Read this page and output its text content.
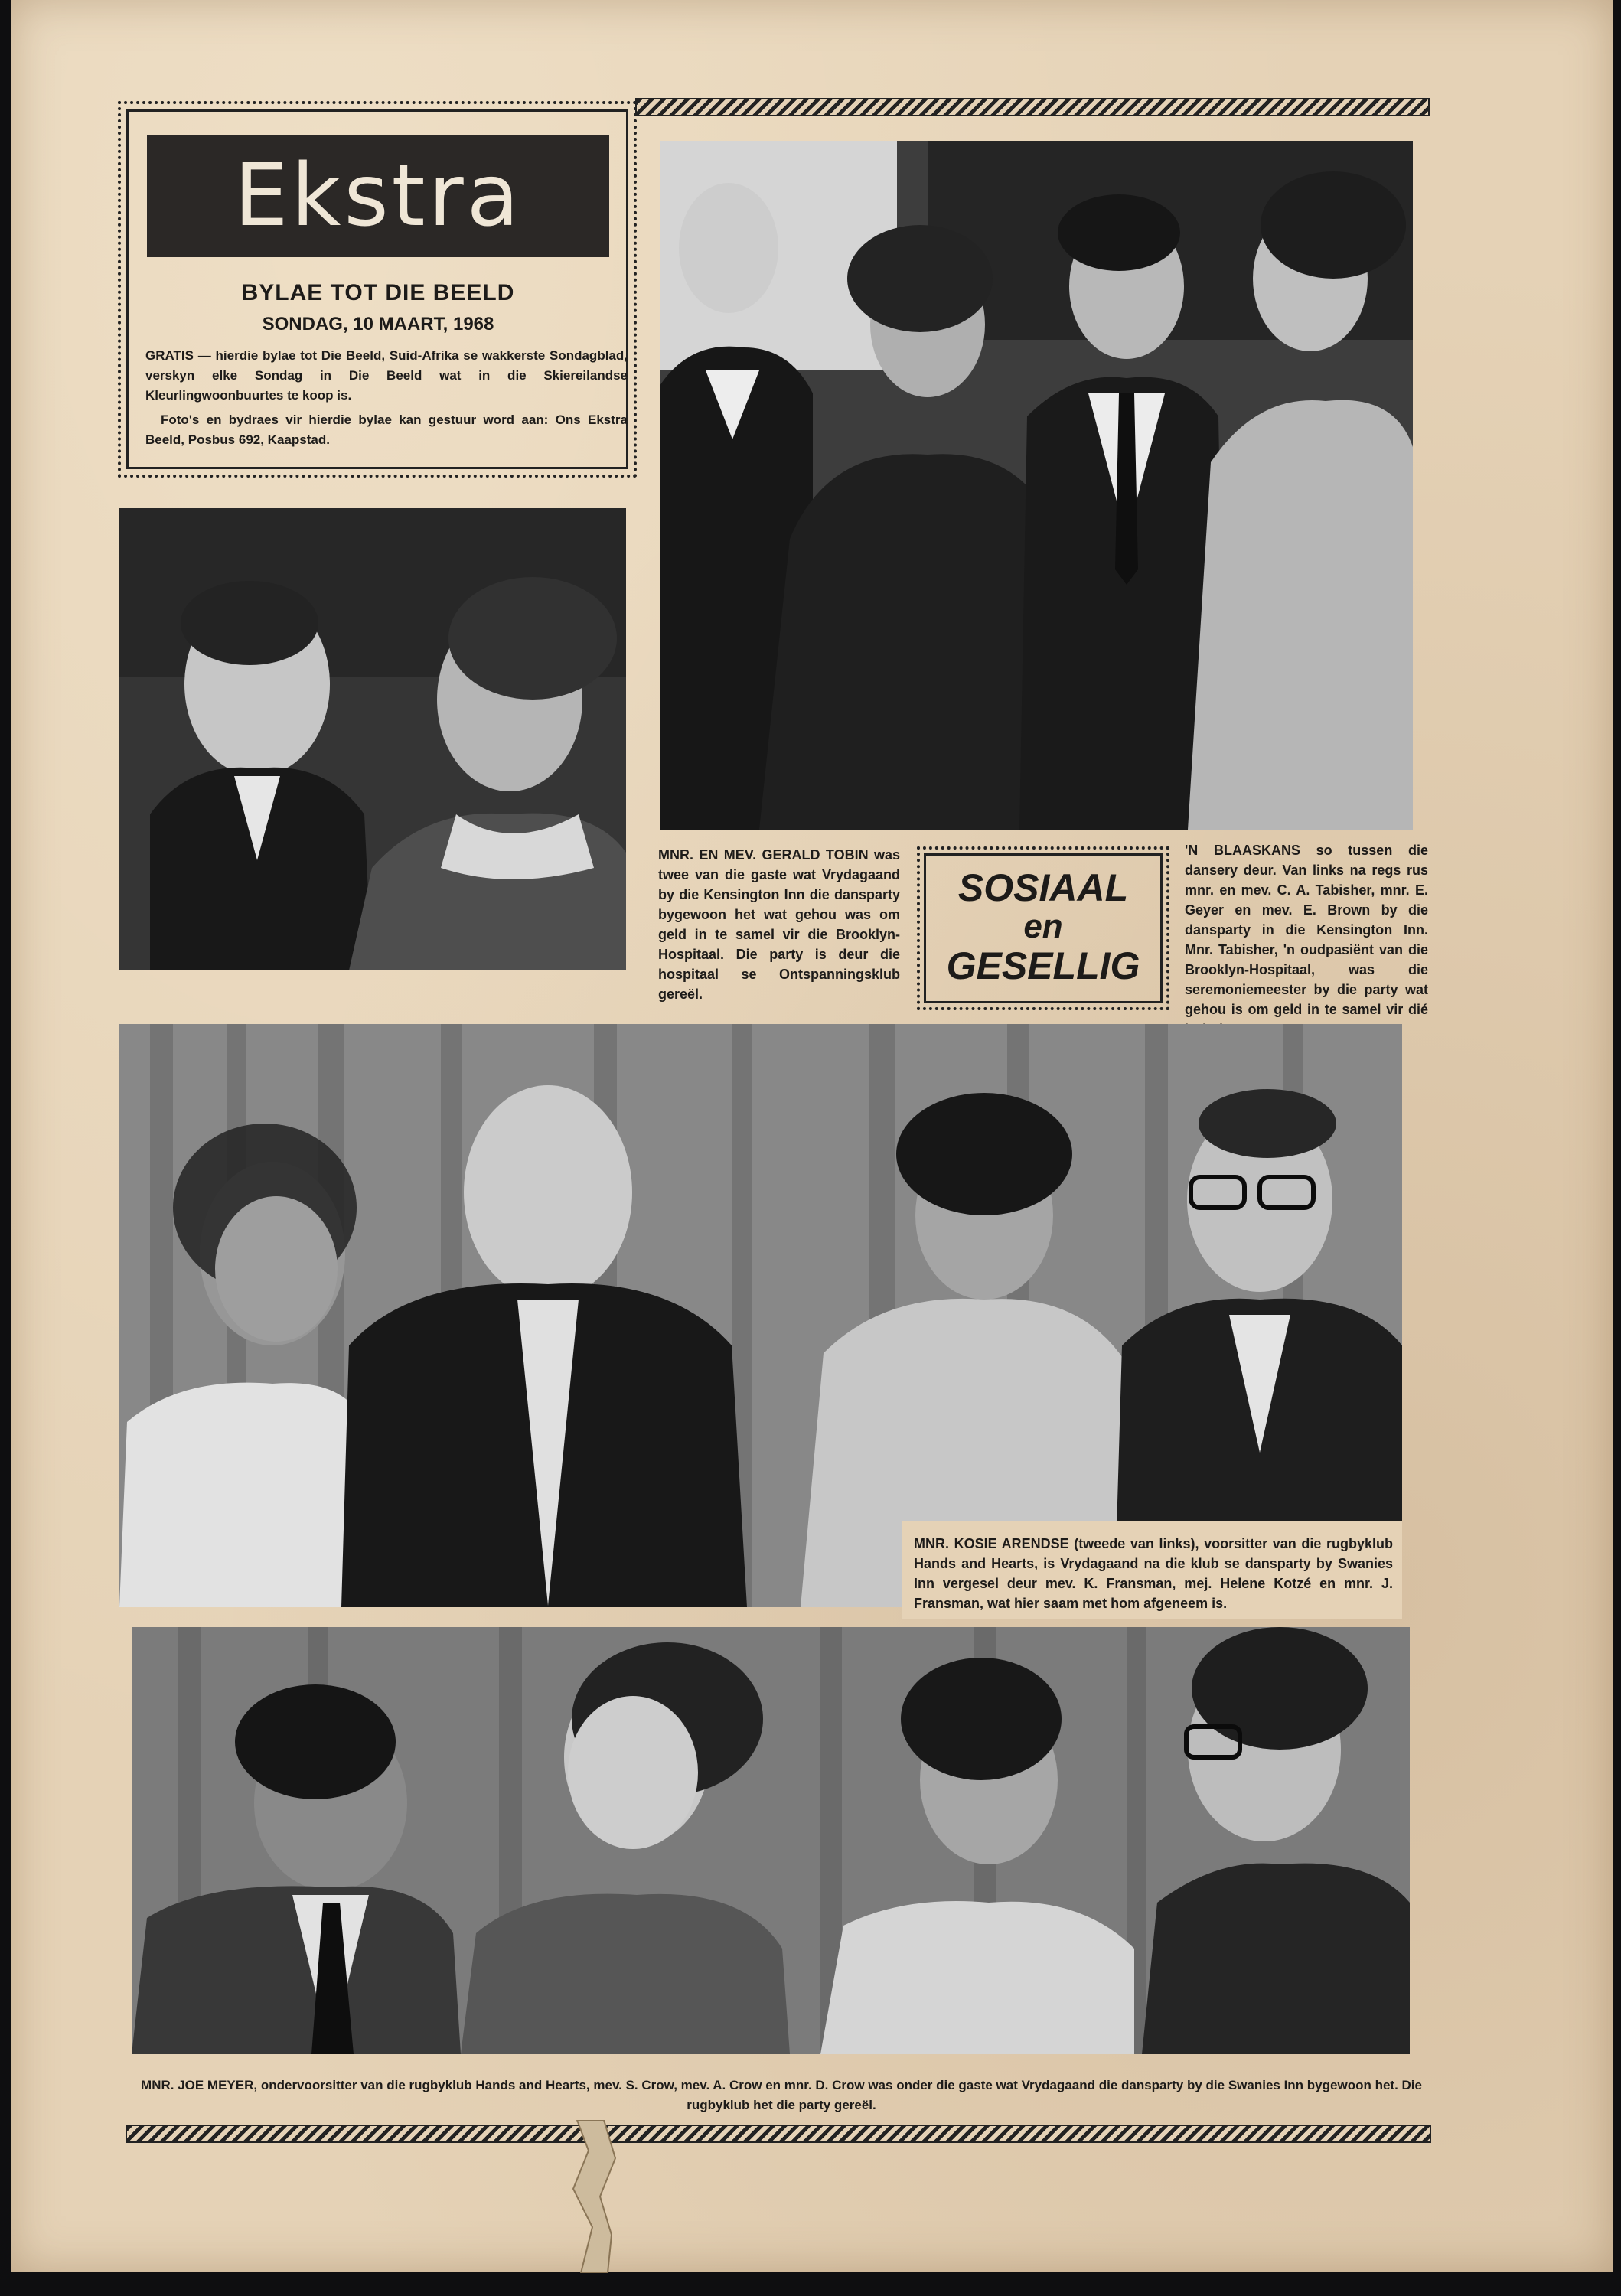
Ekstra
BYLAE TOT DIE BEELD
SONDAG, 10 MAART, 1968
GRATIS — hierdie bylae tot Die Beeld, Suid-Afrika se wakkerste Sondagblad, verskyn elke Sondag in Die Beeld wat in die Skiereilandse Kleurlingwoonbuurtes te koop is.
Foto's en bydraes vir hierdie bylae kan gestuur word aan: Ons Ekstra Beeld, Posbus 692, Kaapstad.
MNR. EN MEV. GERALD TOBIN was twee van die gaste wat Vrydagaand by die Kensington Inn die dansparty bygewoon het wat gehou was om geld in te samel vir die Brooklyn-Hospitaal. Die party is deur die hospitaal se Ontspanningsklub gereël.
SOSIAAL
en
GESELLIG
'N BLAASKANS so tussen die dansery deur. Van links na regs rus mnr. en mev. C. A. Tabisher, mnr. E. Geyer en mev. E. Brown by die dansparty in die Kensington Inn. Mnr. Tabisher, 'n oudpasiënt van die Brooklyn-Hospitaal, was die seremoniemeester by die party wat gehou is om geld in te samel vir dié
MNR. KOSIE ARENDSE (tweede van links), voorsitter van die rugbyklub Hands and Hearts, is Vrydagaand na die klub se dansparty by Swanies Inn vergesel deur mev. K. Fransman, mej. Helene Kotzé en mnr. J. Fransman, wat hier saam met hom afgeneem is.
MNR. JOE MEYER, ondervoorsitter van die rugbyklub Hands and Hearts, mev. S. Crow, mev. A. Crow en mnr. D. Crow was onder die gaste wat Vrydagaand die dansparty by die Swanies Inn bygewoon het. Die rugbyklub het die party gereël.
